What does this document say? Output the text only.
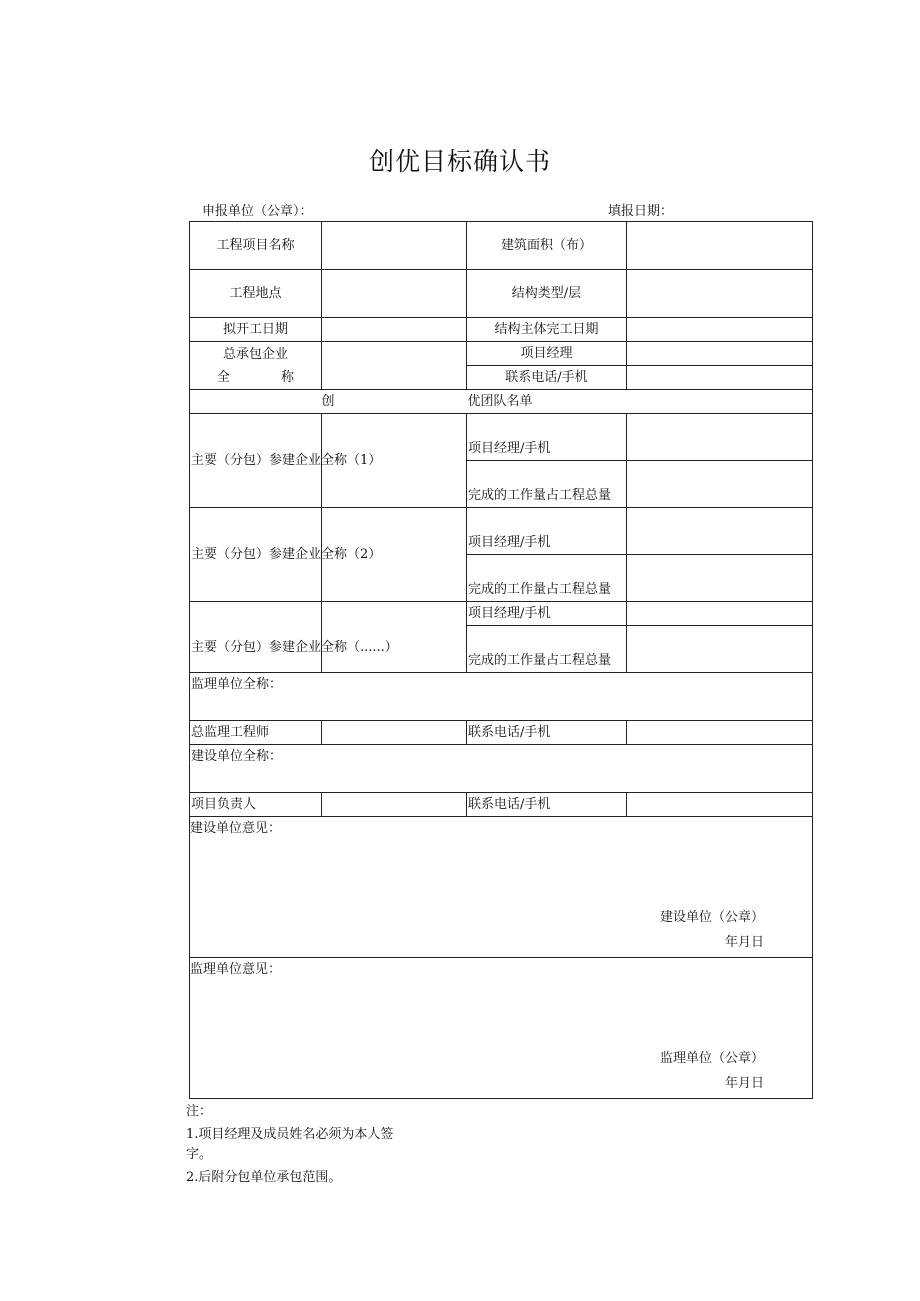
创优目标确认书
申报单位（公章）：	填报日期：
工程项目名称		建筑面积（布）	
工程地点		结构类型/层	
拟开工日期		结构主体完工日期	

总承包企业
全 称		项目经理	
		联系电话/手机	
创		优团队名单	
主要（分包）参建企业全称（1）		项目经理/手机	
		完成的工作量占工程总量	
主要（分包）参建企业全称（2）		项目经理/手机	
		完成的工作量占工程总量	
主要（分包）参建企业全称（......）		项目经理/手机	
		完成的工作量占工程总量	
监理单位全称：			
总监理工程师		联系电话/手机	
建设单位全称：			
项目负责人		联系电话/手机	

建设单位意见：
建设单位（公章）
年月日			

监理单位意见：
监理单位（公章）
年月日			
注：
1.项目经理及成员姓名必须为本人签字。
2.后附分包单位承包范围。
